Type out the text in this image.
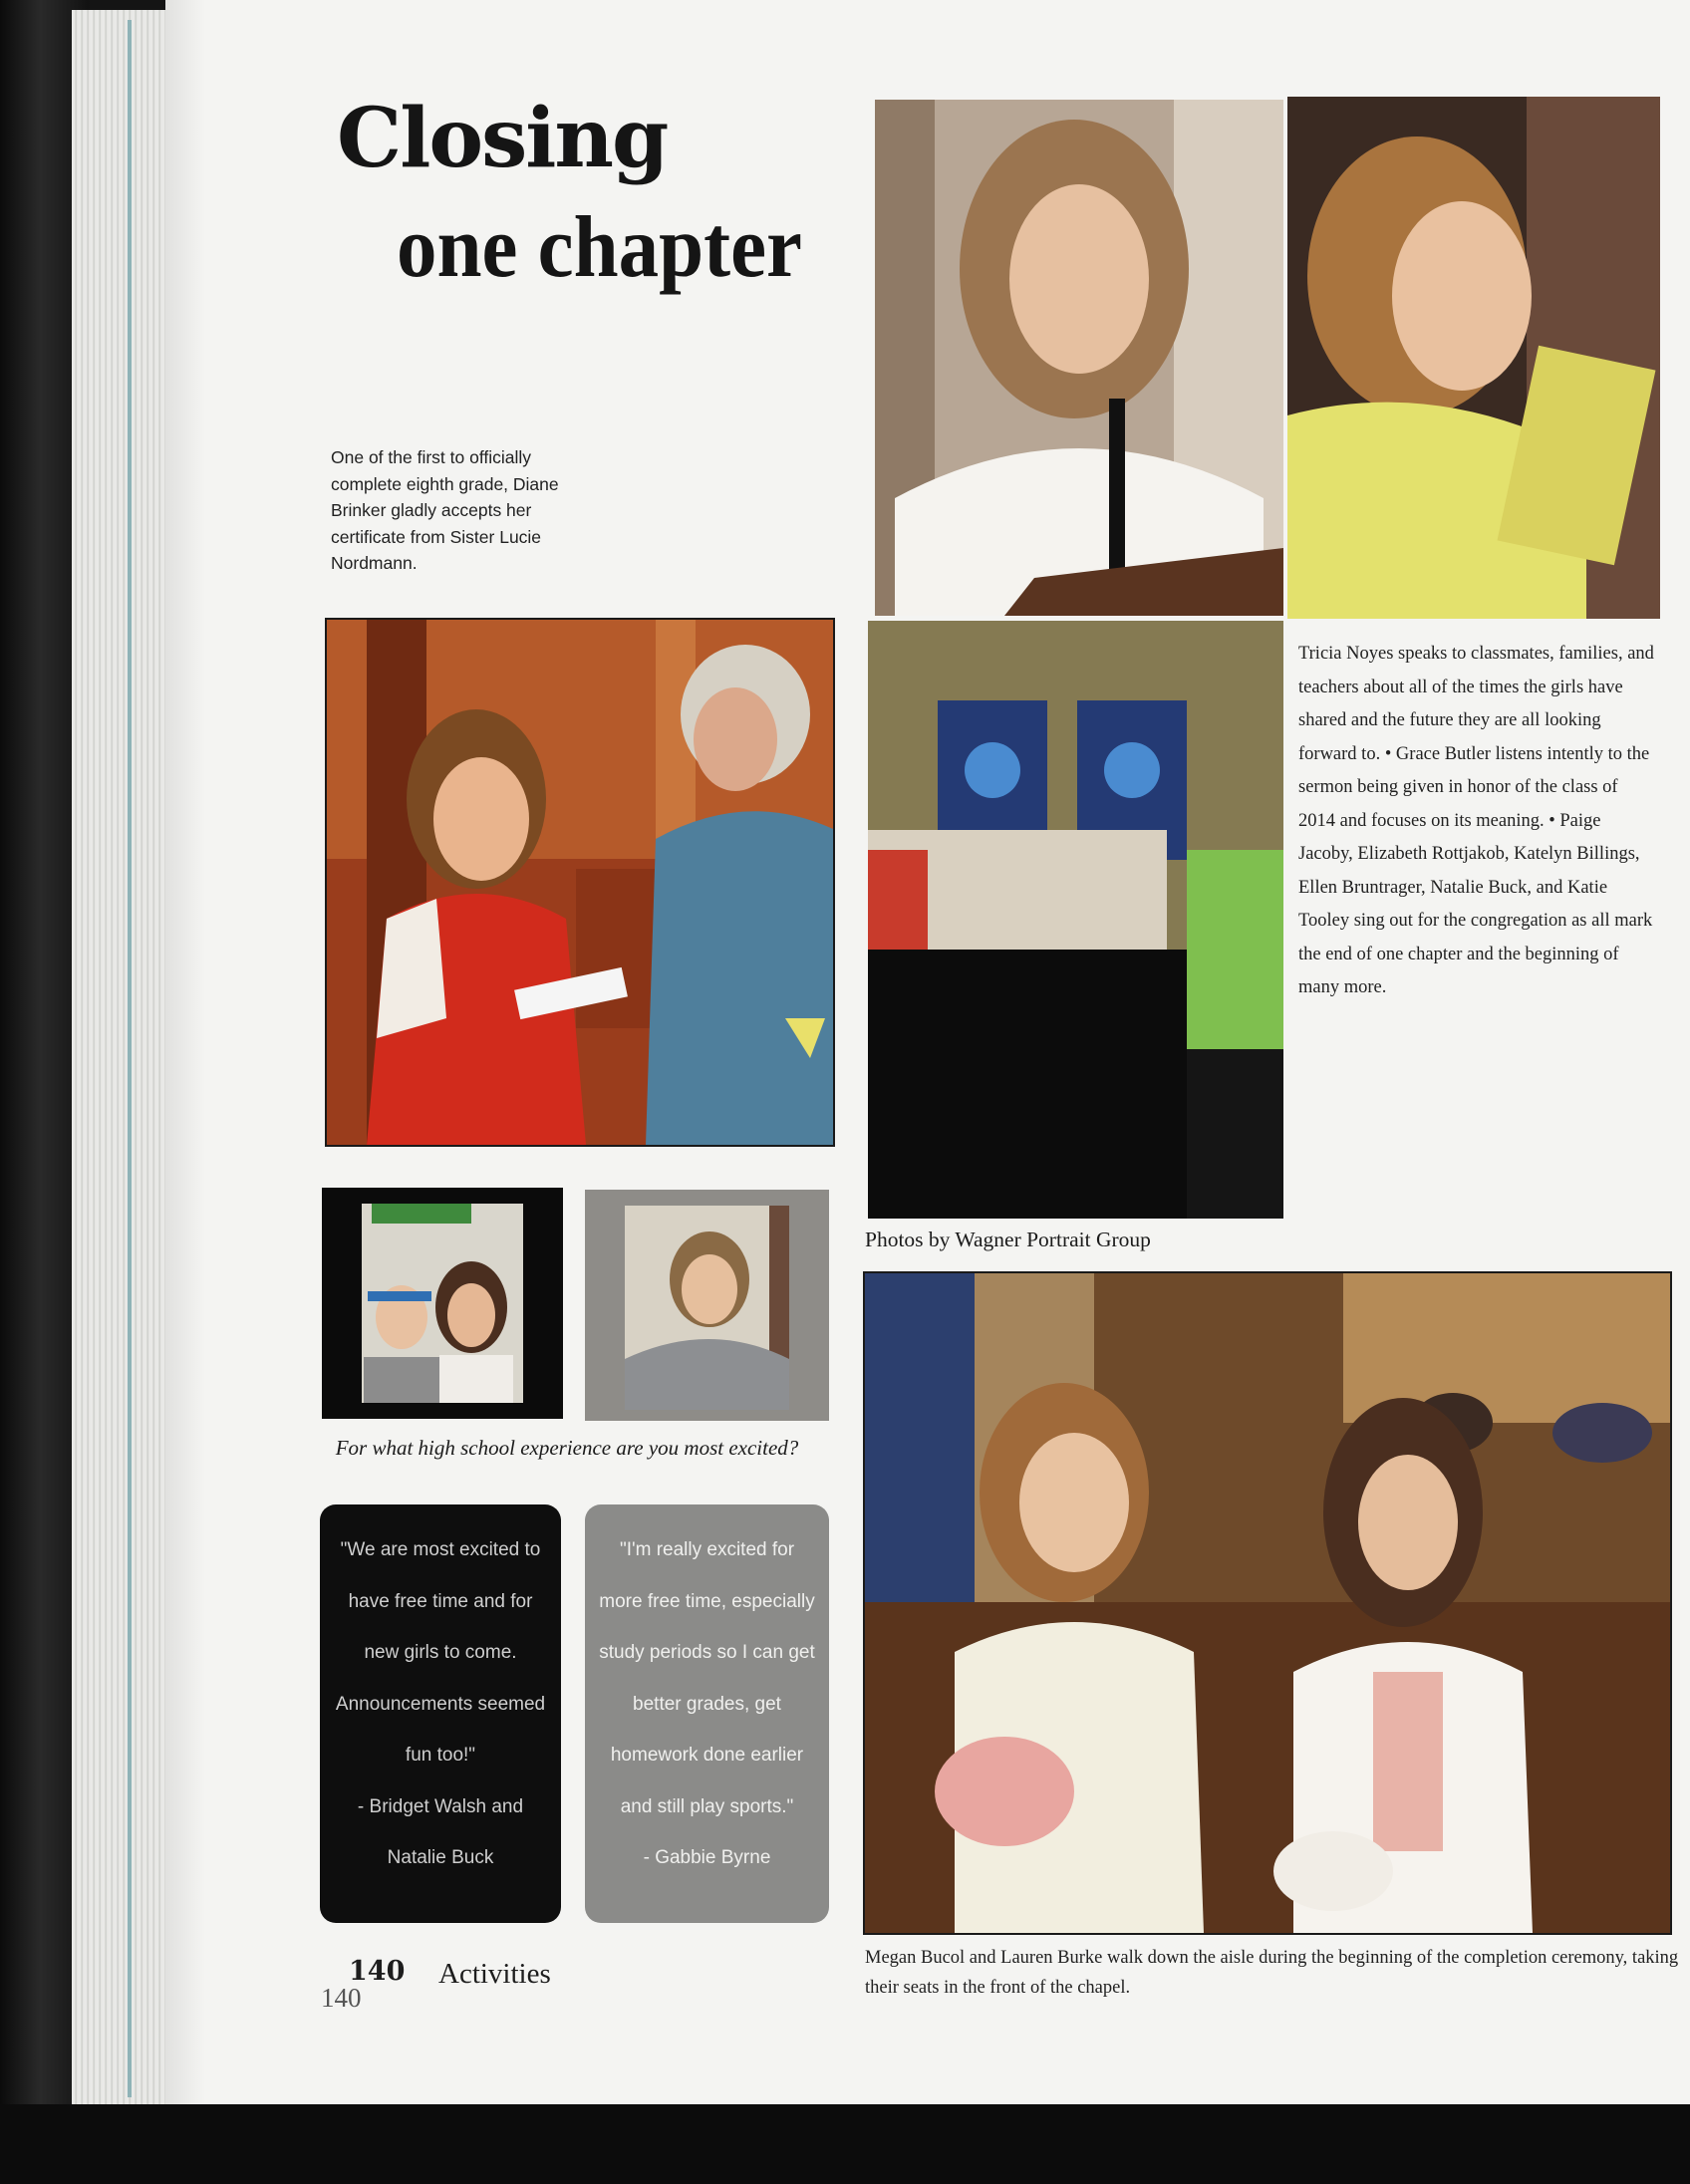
Closing
one chapter

One of the first to officially complete eighth grade, Diane Brinker gladly accepts her certificate from Sister Lucie Nordmann.

For what high school experience are you most excited?

"We are most excited to have free time and for new girls to come. Announcements seemed fun too!"
- Bridget Walsh and Natalie Buck
"I'm really excited for more free time, especially study periods so I can get better grades, get homework done earlier and still play sports."
- Gabbie Byrne
140
140
Activities

Tricia Noyes speaks to classmates, families, and teachers about all of the times the girls have shared and the future they are all looking forward to. • Grace Butler listens intently to the sermon being given in honor of the class of 2014 and focuses on its meaning. • Paige Jacoby, Elizabeth Rottjakob, Katelyn Billings, Ellen Bruntrager, Natalie Buck, and Katie Tooley sing out for the congregation as all mark the end of one chapter and the beginning of many more.

Photos by Wagner Portrait Group

Megan Bucol and Lauren Burke walk down the aisle during the beginning of the completion ceremony, taking their seats in the front of the chapel.
